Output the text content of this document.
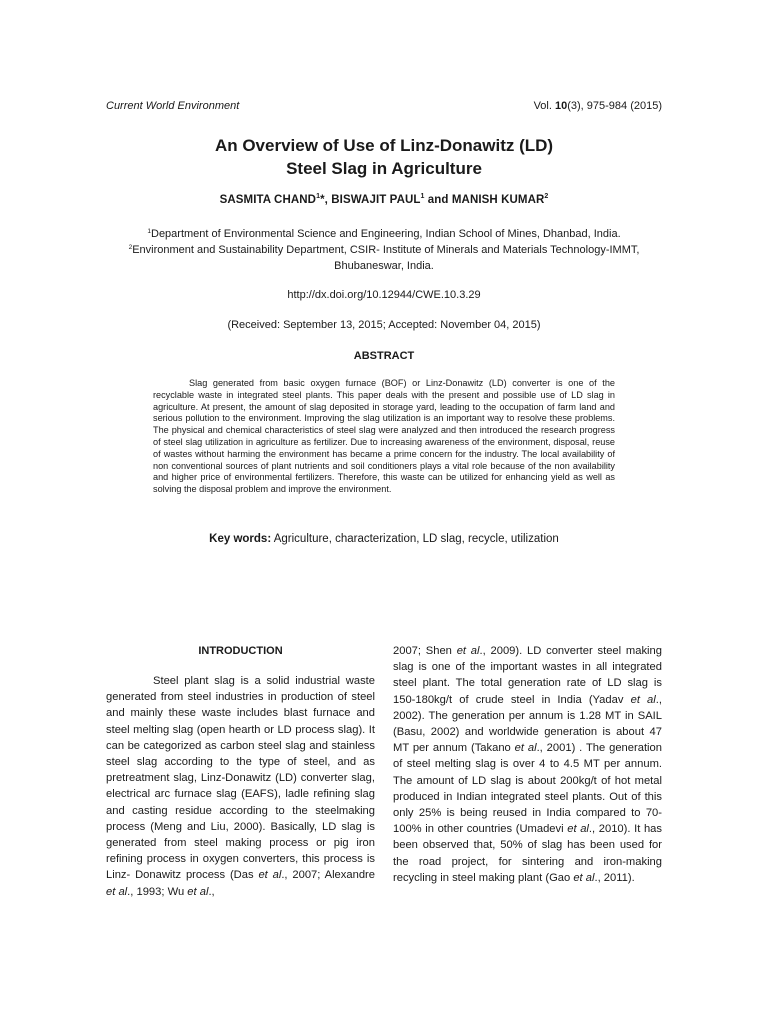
Current World Environment	Vol. 10(3), 975-984 (2015)
An Overview of Use of Linz-Donawitz (LD)
Steel Slag in Agriculture
SASMITA CHAND$^1$*, BISWAJIT PAUL$^1$ and MANISH KUMAR$^2$
$^1$Department of Environmental Science and Engineering, Indian School of Mines, Dhanbad, India.
$^2$Environment and Sustainability Department, CSIR- Institute of Minerals and Materials Technology-IMMT, Bhubaneswar, India.
http://dx.doi.org/10.12944/CWE.10.3.29
(Received: September 13, 2015; Accepted: November 04, 2015)
ABSTRACT

Slag generated from basic oxygen furnace (BOF) or Linz-Donawitz (LD) converter is one of the recyclable waste in integrated steel plants. This paper deals with the present and possible use of LD slag in agriculture. At present, the amount of slag deposited in storage yard, leading to the occupation of farm land and serious pollution to the environment. Improving the slag utilization is an important way to resolve these problems. The physical and chemical characteristics of steel slag were analyzed and then introduced the research progress of steel slag utilization in agriculture as fertilizer. Due to increasing awareness of the environment, disposal, reuse of wastes without harming the environment has became a prime concern for the industry. The local availability of non conventional sources of plant nutrients and soil conditioners plays a vital role because of the non availability and higher price of environmental fertilizers. Therefore, this waste can be utilized for enhancing yield as well as solving the disposal problem and improve the environment.

Key words: Agriculture, characterization, LD slag, recycle, utilization
INTRODUCTION

Steel plant slag is a solid industrial waste generated from steel industries in production of steel and mainly these waste includes blast furnace and steel melting slag (open hearth or LD process slag). It can be categorized as carbon steel slag and stainless steel slag according to the type of steel, and as pretreatment slag, Linz-Donawitz (LD) converter slag, electrical arc furnace slag (EAFS), ladle refining slag and casting residue according to the steelmaking process (Meng and Liu, 2000). Basically, LD slag is generated from steel making process or pig iron refining process in oxygen converters, this process is Linz- Donawitz process (Das et al., 2007; Alexandre et al., 1993; Wu et al.,

2007; Shen et al., 2009). LD converter steel making slag is one of the important wastes in all integrated steel plant. The total generation rate of LD slag is 150-180kg/t of crude steel in India (Yadav et al., 2002). The generation per annum is 1.28 MT in SAIL (Basu, 2002) and worldwide generation is about 47 MT per annum (Takano et al., 2001) . The generation of steel melting slag is over 4 to 4.5 MT per annum. The amount of LD slag is about 200kg/t of hot metal produced in Indian integrated steel plants. Out of this only 25% is being reused in India compared to 70-100% in other countries (Umadevi et al., 2010). It has been observed that, 50% of slag has been used for the road project, for sintering and iron-making recycling in steel making plant (Gao et al., 2011).
